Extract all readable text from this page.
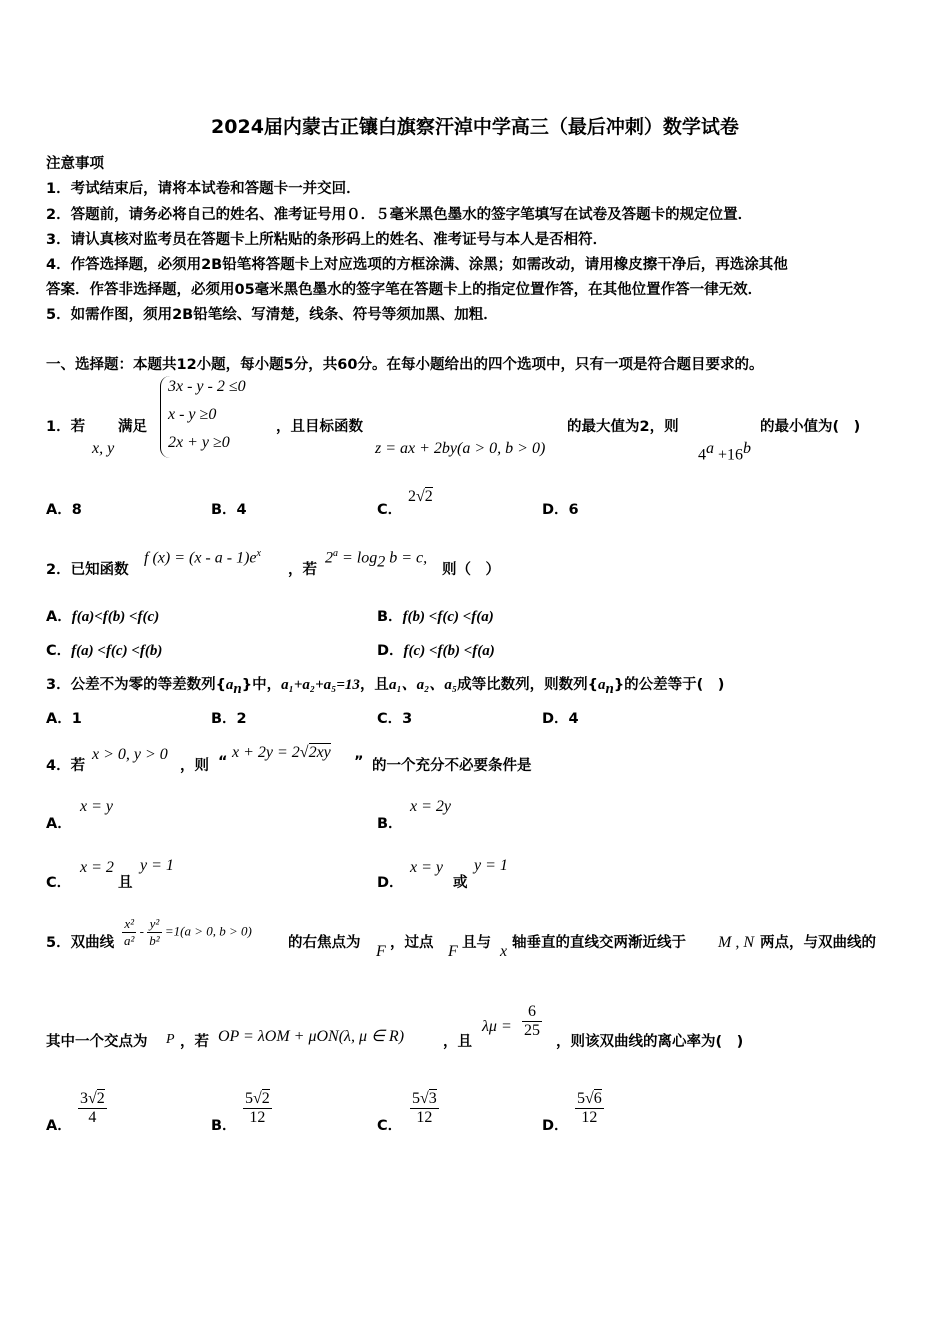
2024届内蒙古正镶白旗察汗淖中学高三（最后冲刺）数学试卷
注意事项
1．考试结束后，请将本试卷和答题卡一并交回．
2．答题前，请务必将自己的姓名、准考证号用０．５毫米黑色墨水的签字笔填写在试卷及答题卡的规定位置．
3．请认真核对监考员在答题卡上所粘贴的条形码上的姓名、准考证号与本人是否相符．
4．作答选择题，必须用2B铅笔将答题卡上对应选项的方框涂满、涂黑；如需改动，请用橡皮擦干净后，再选涂其他
答案．作答非选择题，必须用05毫米黑色墨水的签字笔在答题卡上的指定位置作答，在其他位置作答一律无效．
5．如需作图，须用2B铅笔绘、写清楚，线条、符号等须加黑、加粗．
一、选择题：本题共12小题，每小题5分，共60分。在每小题给出的四个选项中，只有一项是符合题目要求的。
1．若
x, y
满足
3x - y - 2 ≤0
x - y ≥0
2x + y ≥0
，且目标函数
z = ax + 2by(a > 0, b > 0)
的最大值为2，则
$4^a +16^b$
的最小值为(　)
A．8	B．4	C．
2√2
D．6
2．已知函数
f $(x) = (x - a - 1)e^x$
，若
$2^a = \log_2 b = c$,
则（　）
A．f(a)<f(b) <f(c)	B．f(b) <f(c) <f(a)
C．f(a) <f(c) <f(b)	D．f(c) <f(b) <f(a)
3．公差不为零的等差数列$\{a_n\}$中，a₁+a₂+a₅=13，且a₁、a₂、a₅成等比数列，则数列$\{a_n\}$的公差等于(　)
A．1	B．2	C．3	D．4
4．若
x > 0, y > 0
，则 “
x + 2y = 2√2xy
” 的一个充分不必要条件是
A．
x = y
B．
x = 2y
C．
x = 2
且
y = 1
D．
x = y
或
y = 1
5．双曲线 $\frac{\text{x²}}{\text{a²}} - \frac{\text{y²}}{\text{b²}} =1(a > 0$, b > 0)
的右焦点为 F ，过点 F 且与 x 轴垂直的直线交两渐近线于 M , N 两点，与双曲线的
其中一个交点为 P ，若 OP = λOM + μON(λ, μ ∈ R)	，且
$\lambda\mu = \frac{6}{25}$
，则该双曲线的离心率为(　)
A． $\frac{3√2}{4}$	B． $\frac{5√2}{12}$	C． $\frac{5√3}{12}$	D． $\frac{5√6}{12}$
